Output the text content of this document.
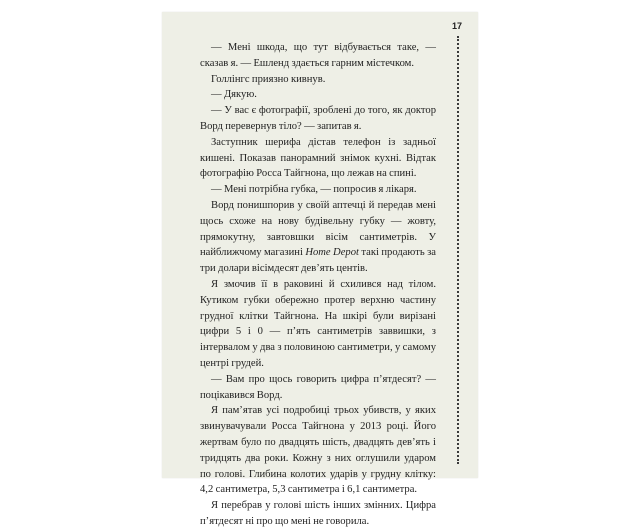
17

— Мені шкода, що тут відбувається таке, — сказав я. — Ешленд здається гарним містечком.

Голлінгс приязно кивнув.

— Дякую.

— У вас є фотографії, зроблені до того, як доктор Ворд перевернув тіло? — запитав я.

Заступник шерифа дістав телефон із задньої кишені. Показав панорамний знімок кухні. Відтак фотографію Росса Тайгнона, що лежав на спині.

— Мені потрібна губка, — попросив я лікаря.

Ворд понишпорив у своїй аптечці й передав мені щось схоже на нову будівельну губку — жовту, прямокутну, завтовшки вісім сантиметрів. У найближчому магазині Home Depot такі продають за три долари вісімдесят дев’ять центів.

Я змочив її в раковині й схилився над тілом. Кутиком губки обережно протер верхню частину грудної клітки Тайгнона. На шкірі були вирізані цифри 5 і 0 — п’ять сантиметрів заввишки, з інтервалом у два з половиною сантиметри, у самому центрі грудей.

— Вам про щось говорить цифра п’ятдесят? — поцікавився Ворд.

Я пам’ятав усі подробиці трьох убивств, у яких звинувачували Росса Тайгнона у 2013 році. Його жертвам було по двадцять шість, двадцять дев’ять і тридцять два роки. Кожну з них оглушили ударом по голові. Глибина колотих ударів у грудну клітку: 4,2 сантиметра, 5,3 сантиметра і 6,1 сантиметра.

Я перебрав у голові шість інших змінних. Цифра п’ятдесят ні про що мені не говорила.
